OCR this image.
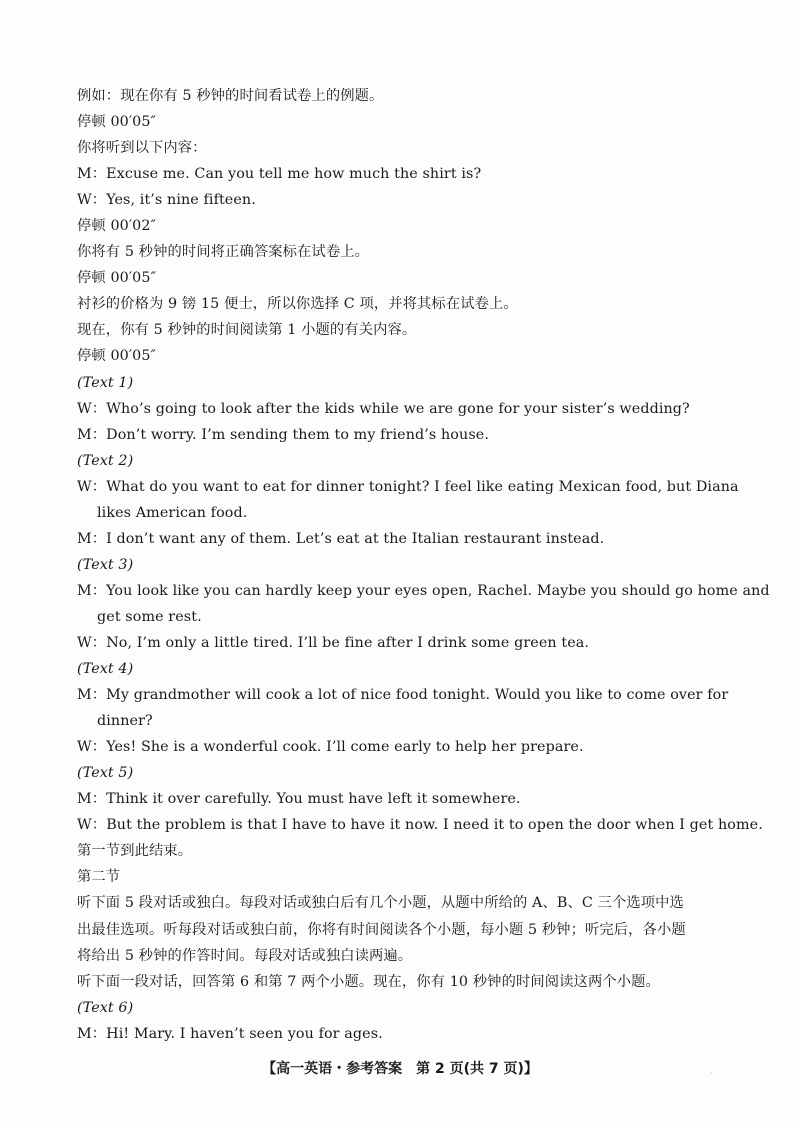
例如：现在你有 5 秒钟的时间看试卷上的例题。
停顿 00′05″
你将听到以下内容：
M：Excuse me. Can you tell me how much the shirt is?
W：Yes, it’s nine fifteen.
停顿 00′02″
你将有 5 秒钟的时间将正确答案标在试卷上。
停顿 00′05″
衬衫的价格为 9 镑 15 便士，所以你选择 C 项，并将其标在试卷上。
现在，你有 5 秒钟的时间阅读第 1 小题的有关内容。
停顿 00′05″
(Text 1)
W：Who’s going to look after the kids while we are gone for your sister’s wedding?
M：Don’t worry. I’m sending them to my friend’s house.
(Text 2)
W：What do you want to eat for dinner tonight? I feel like eating Mexican food, but Diana
likes American food.
M：I don’t want any of them. Let’s eat at the Italian restaurant instead.
(Text 3)
M：You look like you can hardly keep your eyes open, Rachel. Maybe you should go home and
get some rest.
W：No, I’m only a little tired. I’ll be fine after I drink some green tea.
(Text 4)
M：My grandmother will cook a lot of nice food tonight. Would you like to come over for
dinner?
W：Yes! She is a wonderful cook. I’ll come early to help her prepare.
(Text 5)
M：Think it over carefully. You must have left it somewhere.
W：But the problem is that I have to have it now. I need it to open the door when I get home.
第一节到此结束。
第二节
听下面 5 段对话或独白。每段对话或独白后有几个小题，从题中所给的 A、B、C 三个选项中选
出最佳选项。听每段对话或独白前，你将有时间阅读各个小题，每小题 5 秒钟；听完后，各小题
将给出 5 秒钟的作答时间。每段对话或独白读两遍。
听下面一段对话，回答第 6 和第 7 两个小题。现在，你有 10 秒钟的时间阅读这两个小题。
(Text 6)
M：Hi! Mary. I haven’t seen you for ages.
【高一英语・参考答案　第 2 页(共 7 页)】	·
